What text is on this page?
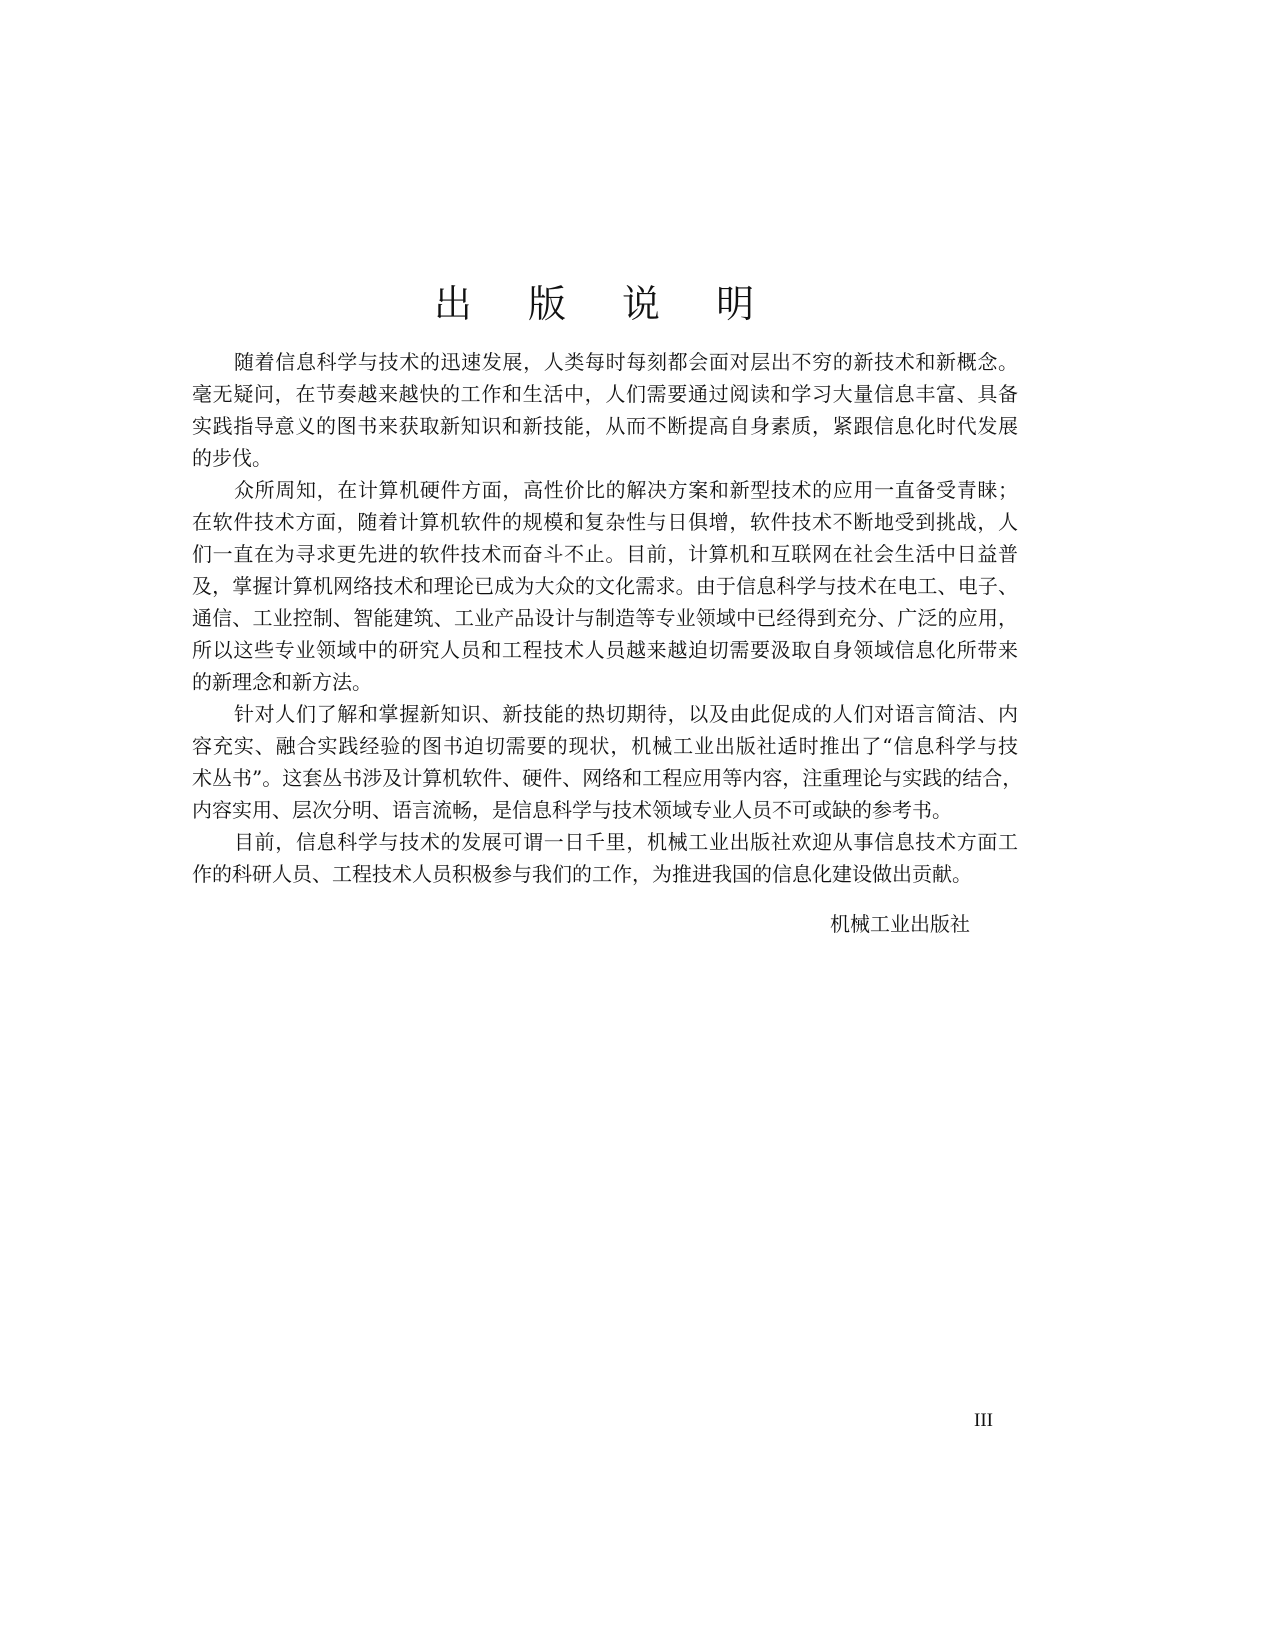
出 版 说 明
随着信息科学与技术的迅速发展，人类每时每刻都会面对层出不穷的新技术和新概念。
毫无疑问，在节奏越来越快的工作和生活中，人们需要通过阅读和学习大量信息丰富、具备
实践指导意义的图书来获取新知识和新技能，从而不断提高自身素质，紧跟信息化时代发展
的步伐。
众所周知，在计算机硬件方面，高性价比的解决方案和新型技术的应用一直备受青睐；
在软件技术方面，随着计算机软件的规模和复杂性与日俱增，软件技术不断地受到挑战，人
们一直在为寻求更先进的软件技术而奋斗不止。目前，计算机和互联网在社会生活中日益普
及，掌握计算机网络技术和理论已成为大众的文化需求。由于信息科学与技术在电工、电子、
通信、工业控制、智能建筑、工业产品设计与制造等专业领域中已经得到充分、广泛的应用，
所以这些专业领域中的研究人员和工程技术人员越来越迫切需要汲取自身领域信息化所带来
的新理念和新方法。
针对人们了解和掌握新知识、新技能的热切期待，以及由此促成的人们对语言简洁、内
容充实、融合实践经验的图书迫切需要的现状，机械工业出版社适时推出了“信息科学与技
术丛书”。这套丛书涉及计算机软件、硬件、网络和工程应用等内容，注重理论与实践的结合，
内容实用、层次分明、语言流畅，是信息科学与技术领域专业人员不可或缺的参考书。
目前，信息科学与技术的发展可谓一日千里，机械工业出版社欢迎从事信息技术方面工
作的科研人员、工程技术人员积极参与我们的工作，为推进我国的信息化建设做出贡献。
机械工业出版社
III
